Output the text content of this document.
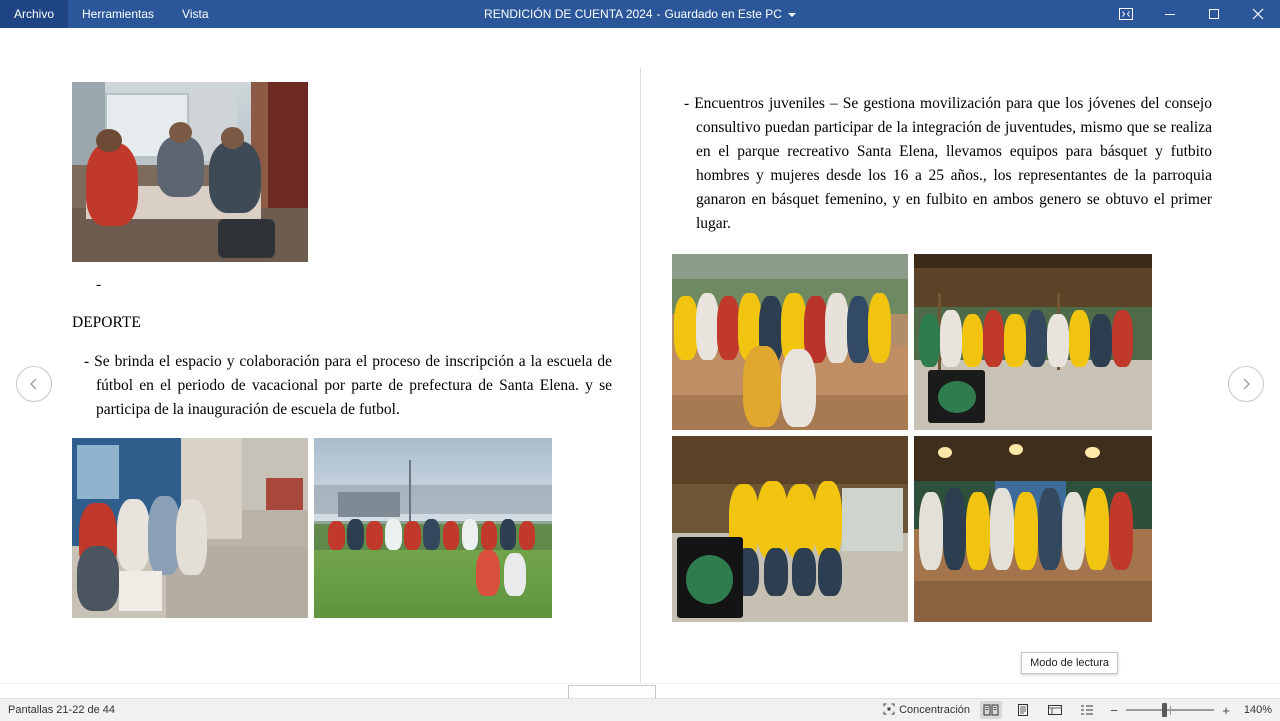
Archivo	Herramientas	Vista	RENDICIÓN DE CUENTA 2024 - Guardado en Este PC
-
DEPORTE
- Se brinda el espacio y colaboración para el proceso de inscripción a la escuela de fútbol en el periodo de vacacional por parte de prefectura de Santa Elena. y se participa de la inauguración de escuela de futbol.
- Encuentros juveniles – Se gestiona movilización para que los jóvenes del consejo consultivo puedan participar de la integración de juventudes, mismo que se realiza en el parque recreativo Santa Elena, llevamos equipos para básquet y futbito hombres y mujeres desde los 16 a 25 años., los representantes de la parroquia ganaron en básquet femenino, y en fulbito en ambos genero se obtuvo el primer lugar.
Modo de lectura
Pantallas 21-22 de 44	Concentración	−	+	140%
